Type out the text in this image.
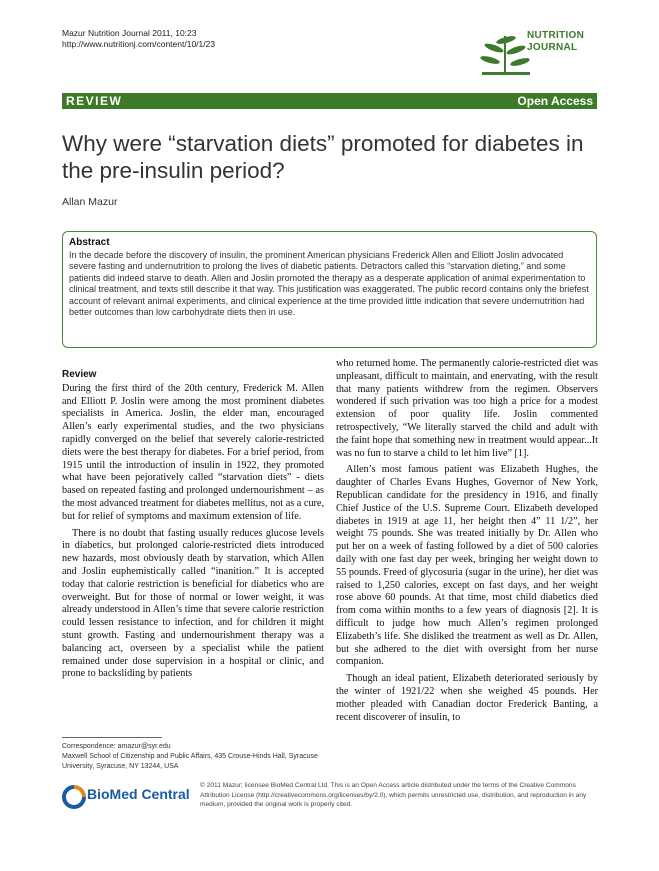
Mazur Nutrition Journal 2011, 10:23
http://www.nutritionj.com/content/10/1/23
NUTRITION
JOURNAL
REVIEW	Open Access
Why were “starvation diets” promoted for diabetes in the pre-insulin period?
Allan Mazur
Abstract
In the decade before the discovery of insulin, the prominent American physicians Frederick Allen and Elliott Joslin advocated severe fasting and undernutrition to prolong the lives of diabetic patients. Detractors called this “starvation dieting,” and some patients did indeed starve to death. Allen and Joslin promoted the therapy as a desperate application of animal experimentation to clinical treatment, and texts still describe it that way. This justification was exaggerated. The public record contains only the briefest account of relevant animal experiments, and clinical experience at the time provided little indication that severe undernutrition had better outcomes than low carbohydrate diets then in use.
Review

During the first third of the 20th century, Frederick M. Allen and Elliott P. Joslin were among the most prominent diabetes specialists in America. Joslin, the elder man, encouraged Allen’s early experimental studies, and the two physicians rapidly converged on the belief that severely calorie-restricted diets were the best therapy for diabetes. For a brief period, from 1915 until the introduction of insulin in 1922, they promoted what have been pejoratively called “starvation diets” - diets based on repeated fasting and prolonged undernourishment – as the most advanced treatment for diabetes mellitus, not as a cure, but for relief of symptoms and maximum extension of life.

There is no doubt that fasting usually reduces glucose levels in diabetics, but prolonged calorie-restricted diets introduced new hazards, most obviously death by starvation, which Allen and Joslin euphemistically called “inanition.” It is accepted today that calorie restriction is beneficial for diabetics who are overweight. But for those of normal or lower weight, it was already understood in Allen’s time that severe calorie restriction could lessen resistance to infection, and for children it might stunt growth. Fasting and undernourishment therapy was a balancing act, overseen by a specialist while the patient remained under dose supervision in a hospital or clinic, and prone to backsliding by patients

who returned home. The permanently calorie-restricted diet was unpleasant, difficult to maintain, and enervating, with the result that many patients withdrew from the regimen. Observers wondered if such privation was too high a price for a modest extension of poor quality life. Joslin commented retrospectively, “We literally starved the child and adult with the faint hope that something new in treatment would appear...It was no fun to starve a child to let him live” [1].

Allen’s most famous patient was Elizabeth Hughes, the daughter of Charles Evans Hughes, Governor of New York, Republican candidate for the presidency in 1916, and finally Chief Justice of the U.S. Supreme Court. Elizabeth developed diabetes in 1919 at age 11, her height then 4” 11 1/2”, her weight 75 pounds. She was treated initially by Dr. Allen who put her on a week of fasting followed by a diet of 500 calories daily with one fast day per week, bringing her weight down to 55 pounds. Freed of glycosuria (sugar in the urine), her diet was raised to 1,250 calories, except on fast days, and her weight rose above 60 pounds. At that time, most child diabetics died from coma within months to a few years of diagnosis [2]. It is difficult to judge how much Allen’s regimen prolonged Elizabeth’s life. She disliked the treatment as well as Dr. Allen, but she adhered to the diet with oversight from her nurse companion.

Though an ideal patient, Elizabeth deteriorated seriously by the winter of 1921/22 when she weighed 45 pounds. Her mother pleaded with Canadian doctor Frederick Banting, a recent discoverer of insulin, to

Correspondence: amazur@syr.edu
Maxwell School of Citizenship and Public Affairs, 435 Crouse-Hinds Hall, Syracuse University, Syracuse, NY 13244, USA
BioMed Central
© 2011 Mazur; licensee BioMed Central Ltd. This is an Open Access article distributed under the terms of the Creative Commons Attribution License (http://creativecommons.org/licenses/by/2.0), which permits unrestricted use, distribution, and reproduction in any medium, provided the original work is properly cited.
